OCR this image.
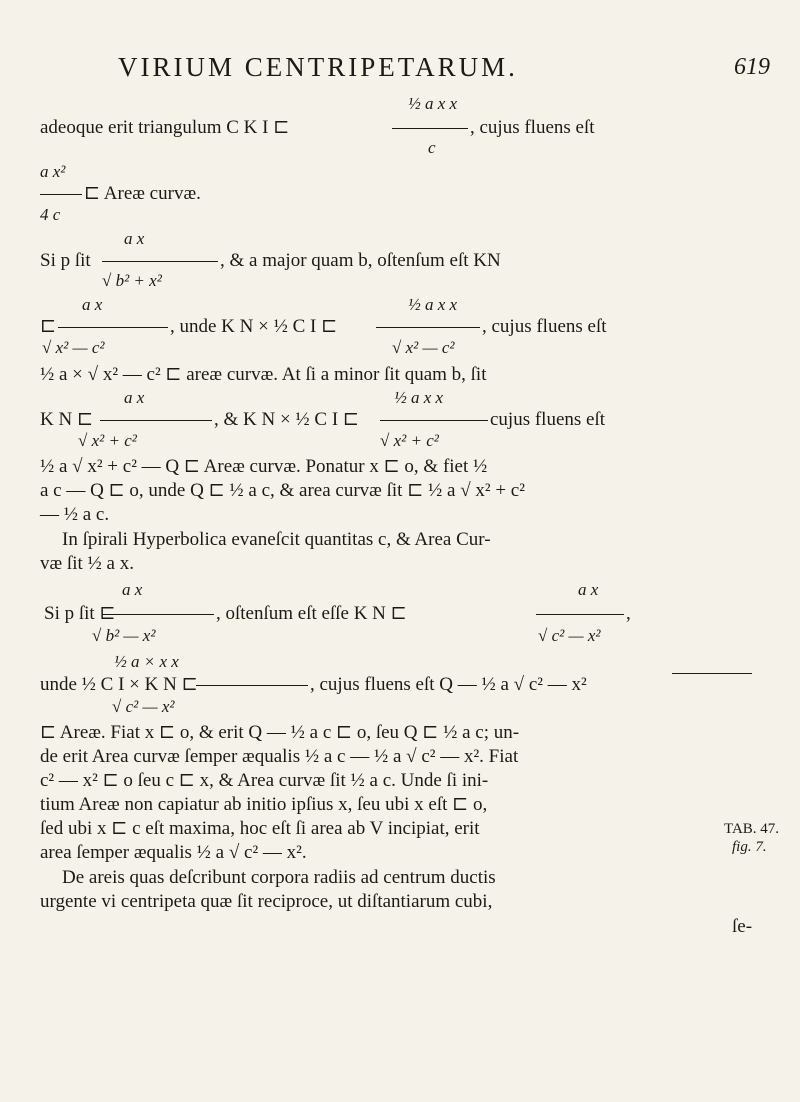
VIRIUM CENTRIPETARUM.	619
½ a x x
adeoque erit triangulum C K I ⊏	, cujus fluens eſt
c
a x²
⊏ Areæ curvæ.
4 c
a x
Si p ſit	, & a major quam b, oſtenſum eſt KN
√ b² + x²
a x	½ a x x
⊏	, unde K N × ½ C I ⊏	, cujus fluens eſt
√ x² — c²	√ x² — c²
½ a × √ x² — c² ⊏ areæ curvæ. At ſi a minor ſit quam b, ſit
a x	½ a x x
K N ⊏	, & K N × ½ C I ⊏	cujus fluens eſt
√ x² + c²	√ x² + c²
½ a √ x² + c² — Q ⊏ Areæ curvæ. Ponatur x ⊏ o, & fiet ½
a c — Q ⊏ o, unde Q ⊏ ½ a c, & area curvæ ſit ⊏ ½ a √ x² + c²
— ½ a c.
In ſpirali Hyperbolica evaneſcit quantitas c, & Area Cur-
væ ſit ½ a x.
a x	a x
Si p ſit ⊏	, oſtenſum eſt eſſe K N ⊏	,
√ b² — x²	√ c² — x²
½ a × x x
unde ½ C I × K N ⊏	, cujus fluens eſt Q — ½ a √ c² — x²
√ c² — x²
⊏ Areæ. Fiat x ⊏ o, & erit Q — ½ a c ⊏ o, ſeu Q ⊏ ½ a c; un-
de erit Area curvæ ſemper æqualis ½ a c — ½ a √ c² — x². Fiat
c² — x² ⊏ o ſeu c ⊏ x, & Area curvæ ſit ½ a c. Unde ſi ini-
tium Areæ non capiatur ab initio ipſius x, ſeu ubi x eſt ⊏ o,
ſed ubi x ⊏ c eſt maxima, hoc eſt ſi area ab V incipiat, erit
area ſemper æqualis ½ a √ c² — x².
De areis quas deſcribunt corpora radiis ad centrum ductis
urgente vi centripeta quæ ſit reciproce, ut diſtantiarum cubi,
ſe-
TAB. 47.
fig. 7.
